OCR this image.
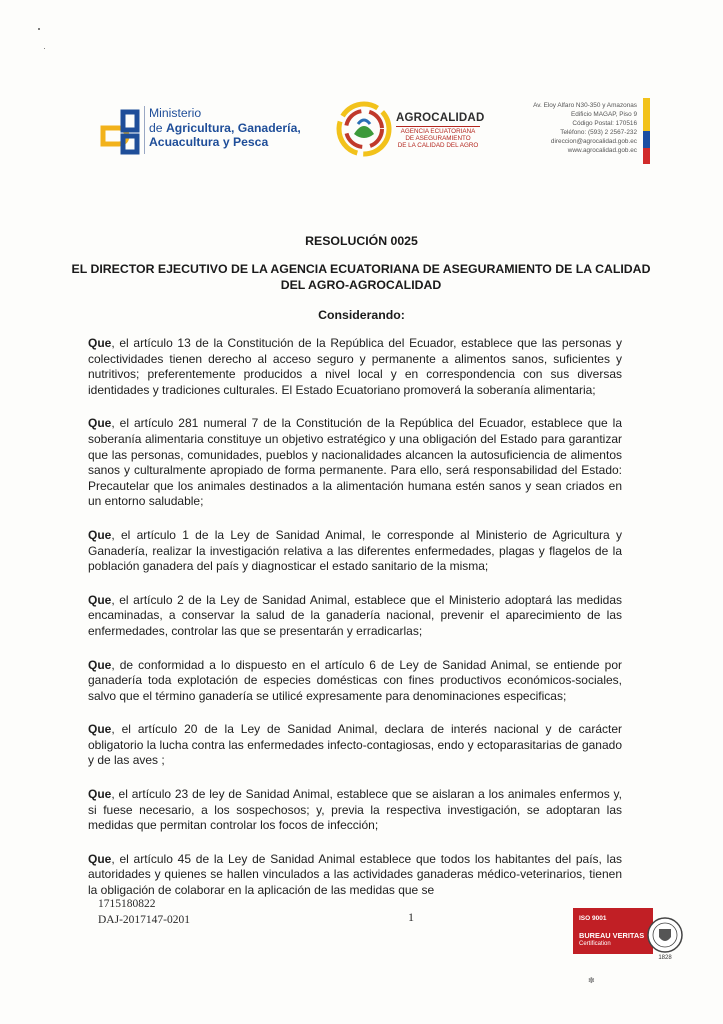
Ministerio
de Agricultura, Ganadería,
Acuacultura y Pesca
AGROCALIDAD
AGENCIA ECUATORIANA
DE ASEGURAMIENTO
DE LA CALIDAD DEL AGRO
Av. Eloy Alfaro N30-350 y Amazonas
Edificio MAGAP, Piso 9
Código Postal: 170516
Teléfono: (593) 2 2567-232
direccion@agrocalidad.gob.ec
www.agrocalidad.gob.ec
RESOLUCIÓN 0025
EL DIRECTOR EJECUTIVO DE LA AGENCIA ECUATORIANA DE ASEGURAMIENTO DE LA CALIDAD DEL AGRO-AGROCALIDAD
Considerando:

Que, el artículo 13 de la Constitución de la República del Ecuador, establece que las personas y colectividades tienen derecho al acceso seguro y permanente a alimentos sanos, suficientes y nutritivos; preferentemente producidos a nivel local y en correspondencia con sus diversas identidades y tradiciones culturales. El Estado Ecuatoriano promoverá la soberanía alimentaria;

Que, el artículo 281 numeral 7 de la Constitución de la República del Ecuador, establece que la soberanía alimentaria constituye un objetivo estratégico y una obligación del Estado para garantizar que las personas, comunidades, pueblos y nacionalidades alcancen la autosuficiencia de alimentos sanos y culturalmente apropiado de forma permanente. Para ello, será responsabilidad del Estado: Precautelar que los animales destinados a la alimentación humana estén sanos y sean criados en un entorno saludable;

Que, el artículo 1 de la Ley de Sanidad Animal, le corresponde al Ministerio de Agricultura y Ganadería, realizar la investigación relativa a las diferentes enfermedades, plagas y flagelos de la población ganadera del país y diagnosticar el estado sanitario de la misma;

Que, el artículo 2 de la Ley de Sanidad Animal, establece que el Ministerio adoptará las medidas encaminadas, a conservar la salud de la ganadería nacional, prevenir el aparecimiento de las enfermedades, controlar las que se presentarán y erradicarlas;

Que, de conformidad a lo dispuesto en el artículo 6 de Ley de Sanidad Animal, se entiende por ganadería toda explotación de especies domésticas con fines productivos económicos-sociales, salvo que el término ganadería se utilicé expresamente para denominaciones especificas;

Que, el artículo 20 de la Ley de Sanidad Animal, declara de interés nacional y de carácter obligatorio la lucha contra las enfermedades infecto-contagiosas, endo y ectoparasitarias de ganado y de las aves ;

Que, el artículo 23 de ley de Sanidad Animal, establece que se aislaran a los animales enfermos y, si fuese necesario, a los sospechosos; y, previa la respectiva investigación, se adoptaran las medidas que permitan controlar los focos de infección;

Que, el artículo 45 de la Ley de Sanidad Animal establece que todos los habitantes del país, las autoridades y quienes se hallen vinculados a las actividades ganaderas médico-veterinarios, tienen la obligación de colaborar en la aplicación de las medidas que se

1715180822
DAJ-2017147-0201	1	ISO 9001
BUREAU VERITAS
Certification
1828
✽
